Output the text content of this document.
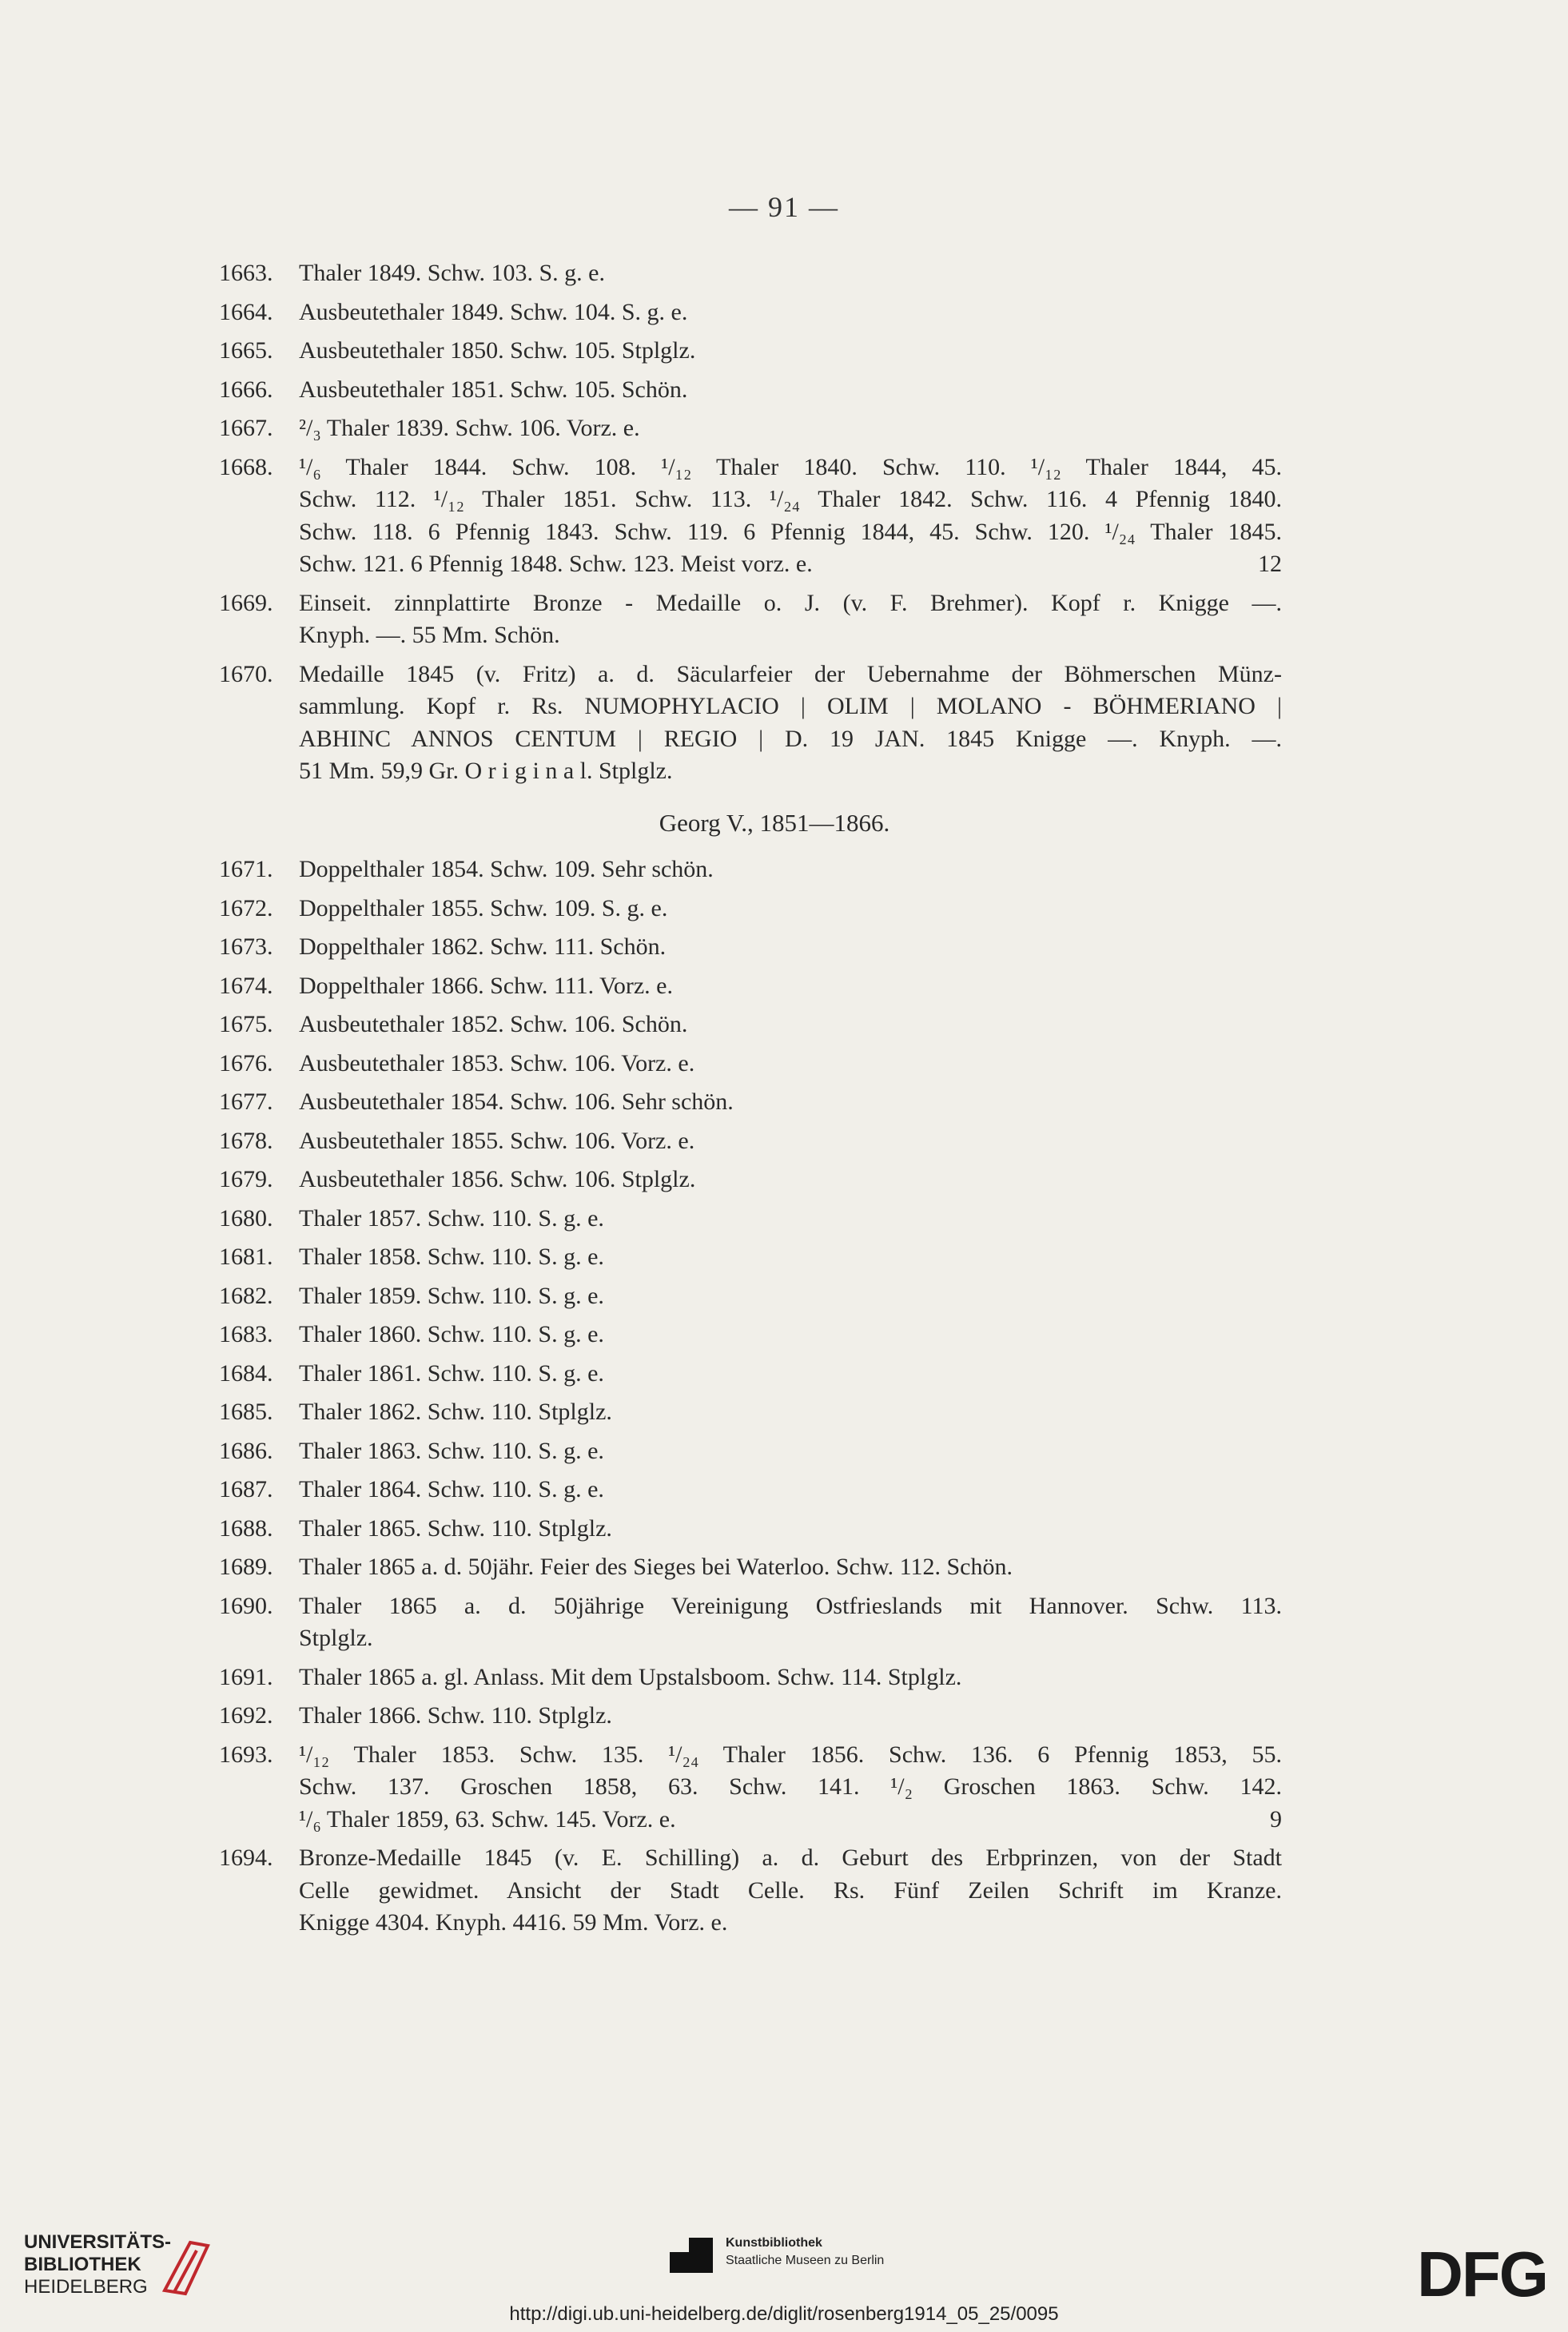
— 91 —
1663.	Thaler 1849. Schw. 103. S. g. e.
1664.	Ausbeutethaler 1849. Schw. 104. S. g. e.
1665.	Ausbeutethaler 1850. Schw. 105. Stplglz.
1666.	Ausbeutethaler 1851. Schw. 105. Schön.
1667.	²/₃ Thaler 1839. Schw. 106. Vorz. e.
1668.	¹/₆ Thaler 1844. Schw. 108. ¹/₁₂ Thaler 1840. Schw. 110. ¹/₁₂ Thaler 1844, 45.
Schw. 112. ¹/₁₂ Thaler 1851. Schw. 113. ¹/₂₄ Thaler 1842. Schw. 116. 4 Pfennig 1840.
Schw. 118. 6 Pfennig 1843. Schw. 119. 6 Pfennig 1844, 45. Schw. 120. ¹/₂₄ Thaler 1845.
Schw. 121. 6 Pfennig 1848. Schw. 123. Meist vorz. e.	12
1669.	Einseit. zinnplattirte Bronze - Medaille o. J. (v. F. Brehmer). Kopf r. Knigge —.
Knyph. —. 55 Mm. Schön.
1670.	Medaille 1845 (v. Fritz) a. d. Säcularfeier der Uebernahme der Böhmerschen Münz-
sammlung. Kopf r. Rs. NUMOPHYLACIO | OLIM | MOLANO - BÖHMERIANO |
ABHINC ANNOS CENTUM | REGIO | D. 19 JAN. 1845 Knigge —. Knyph. —.
51 Mm. 59,9 Gr. O r i g i n a l. Stplglz.
Georg V., 1851—1866.
1671.	Doppelthaler 1854. Schw. 109. Sehr schön.
1672.	Doppelthaler 1855. Schw. 109. S. g. e.
1673.	Doppelthaler 1862. Schw. 111. Schön.
1674.	Doppelthaler 1866. Schw. 111. Vorz. e.
1675.	Ausbeutethaler 1852. Schw. 106. Schön.
1676.	Ausbeutethaler 1853. Schw. 106. Vorz. e.
1677.	Ausbeutethaler 1854. Schw. 106. Sehr schön.
1678.	Ausbeutethaler 1855. Schw. 106. Vorz. e.
1679.	Ausbeutethaler 1856. Schw. 106. Stplglz.
1680.	Thaler 1857. Schw. 110. S. g. e.
1681.	Thaler 1858. Schw. 110. S. g. e.
1682.	Thaler 1859. Schw. 110. S. g. e.
1683.	Thaler 1860. Schw. 110. S. g. e.
1684.	Thaler 1861. Schw. 110. S. g. e.
1685.	Thaler 1862. Schw. 110. Stplglz.
1686.	Thaler 1863. Schw. 110. S. g. e.
1687.	Thaler 1864. Schw. 110. S. g. e.
1688.	Thaler 1865. Schw. 110. Stplglz.
1689.	Thaler 1865 a. d. 50jähr. Feier des Sieges bei Waterloo. Schw. 112. Schön.
1690.	Thaler 1865 a. d. 50jährige Vereinigung Ostfrieslands mit Hannover. Schw. 113.
Stplglz.
1691.	Thaler 1865 a. gl. Anlass. Mit dem Upstalsboom. Schw. 114. Stplglz.
1692.	Thaler 1866. Schw. 110. Stplglz.
1693.	¹/₁₂ Thaler 1853. Schw. 135. ¹/₂₄ Thaler 1856. Schw. 136. 6 Pfennig 1853, 55.
Schw. 137. Groschen 1858, 63. Schw. 141. ¹/₂ Groschen 1863. Schw. 142.
¹/₆ Thaler 1859, 63. Schw. 145. Vorz. e.	9
1694.	Bronze-Medaille 1845 (v. E. Schilling) a. d. Geburt des Erbprinzen, von der Stadt
Celle gewidmet. Ansicht der Stadt Celle. Rs. Fünf Zeilen Schrift im Kranze.
Knigge 4304. Knyph. 4416. 59 Mm. Vorz. e.
UNIVERSITÄTS-
BIBLIOTHEK
HEIDELBERG
Kunstbibliothek
Staatliche Museen zu Berlin	DFG
http://digi.ub.uni-heidelberg.de/diglit/rosenberg1914_05_25/0095
